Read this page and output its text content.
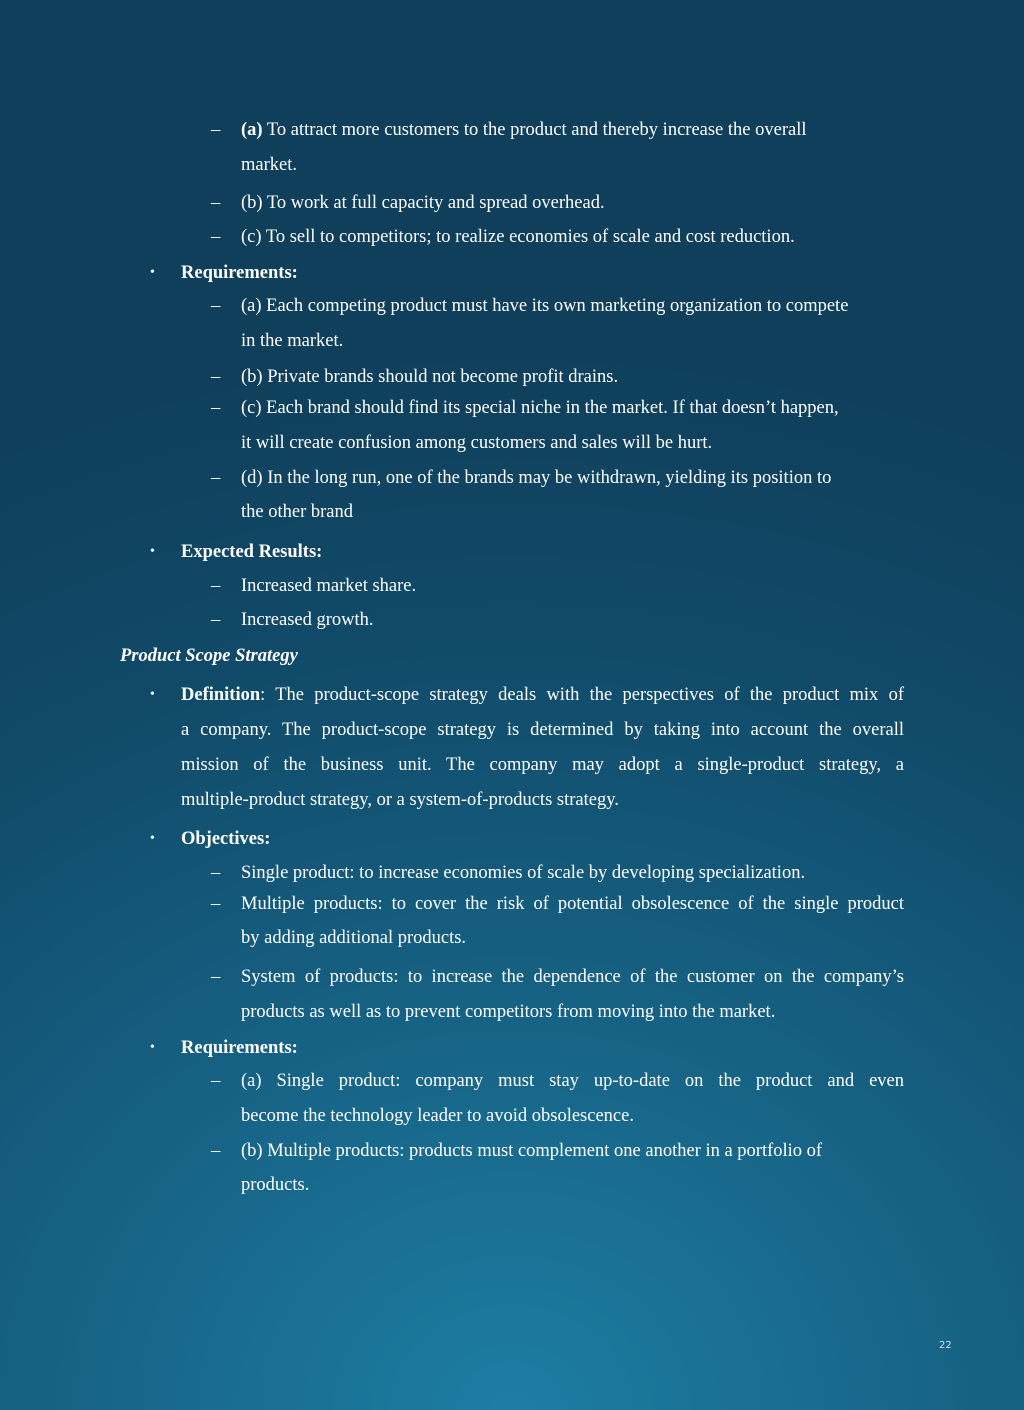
– (a) To attract more customers to the product and thereby increase the overall
market.
– (b) To work at full capacity and spread overhead.
– (c) To sell to competitors; to realize economies of scale and cost reduction.
• Requirements:
– (a) Each competing product must have its own marketing organization to compete
in the market.
– (b) Private brands should not become profit drains.
– (c) Each brand should find its special niche in the market. If that doesn’t happen,
it will create confusion among customers and sales will be hurt.
– (d) In the long run, one of the brands may be withdrawn, yielding its position to
the other brand
• Expected Results:
– Increased market share.
– Increased growth.
Product Scope Strategy
• Definition: The product-scope strategy deals with the perspectives of the product mix of
a company. The product-scope strategy is determined by taking into account the overall
mission of the business unit. The company may adopt a single-product strategy, a
multiple-product strategy, or a system-of-products strategy.
• Objectives:
– Single product: to increase economies of scale by developing specialization.
– Multiple products: to cover the risk of potential obsolescence of the single product
by adding additional products.
– System of products: to increase the dependence of the customer on the company’s
products as well as to prevent competitors from moving into the market.
• Requirements:
– (a) Single product: company must stay up-to-date on the product and even
become the technology leader to avoid obsolescence.
– (b) Multiple products: products must complement one another in a portfolio of
products.
22
